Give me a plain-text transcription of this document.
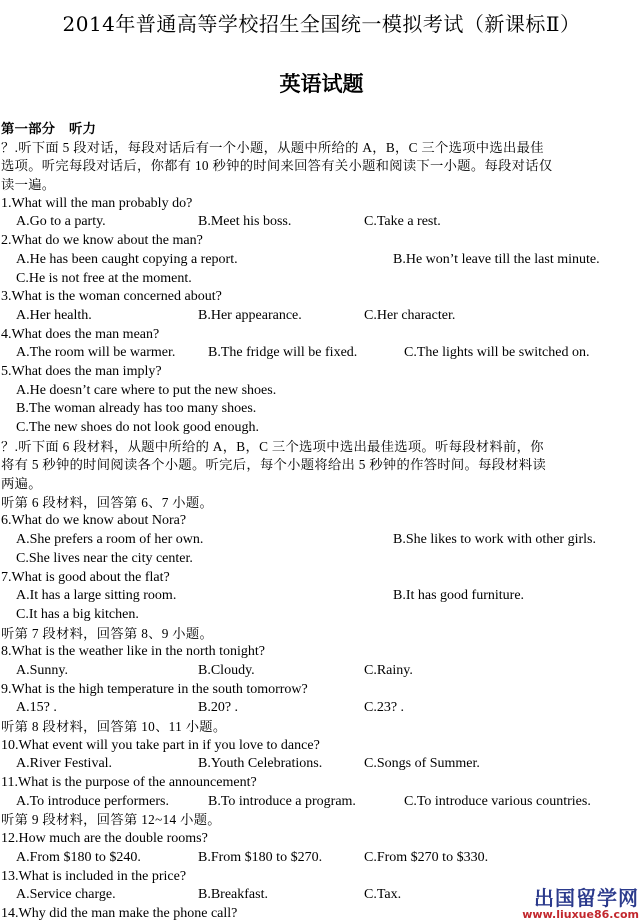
2014年普通高等学校招生全国统一模拟考试（新课标Ⅱ）
英语试题
第一部分　听力
？.听下面 5 段对话，每段对话后有一个小题，从题中所给的 A，B，C 三个选项中选出最佳
选项。听完每段对话后，你都有 10 秒钟的时间来回答有关小题和阅读下一小题。每段对话仅
读一遍。
1.What will the man probably do?
A.Go to a party.	B.Meet his boss.	C.Take a rest.
2.What do we know about the man?
A.He has been caught copying a report.	B.He won’t leave till the last minute.
C.He is not free at the moment.
3.What is the woman concerned about?
A.Her health.	B.Her appearance.	C.Her character.
4.What does the man mean?
A.The room will be warmer.	B.The fridge will be fixed.	C.The lights will be switched on.
5.What does the man imply?
A.He doesn’t care where to put the new shoes.
B.The woman already has too many shoes.
C.The new shoes do not look good enough.
？.听下面 6 段材料，从题中所给的 A，B，C 三个选项中选出最佳选项。听每段材料前，你
将有 5 秒钟的时间阅读各个小题。听完后，每个小题将给出 5 秒钟的作答时间。每段材料读
两遍。
听第 6 段材料，回答第 6、7 小题。
6.What do we know about Nora?
A.She prefers a room of her own.	B.She likes to work with other girls.
C.She lives near the city center.
7.What is good about the flat?
A.It has a large sitting room.	B.It has good furniture.
C.It has a big kitchen.
听第 7 段材料，回答第 8、9 小题。
8.What is the weather like in the north tonight?
A.Sunny.	B.Cloudy.	C.Rainy.
9.What is the high temperature in the south tomorrow?
A.15? .	B.20? .	C.23? .
听第 8 段材料，回答第 10、11 小题。
10.What event will you take part in if you love to dance?
A.River Festival.	B.Youth Celebrations.	C.Songs of Summer.
11.What is the purpose of the announcement?
A.To introduce performers.	B.To introduce a program.	C.To introduce various countries.
听第 9 段材料，回答第 12~14 小题。
12.How much are the double rooms?
A.From $180 to $240.	B.From $180 to $270.	C.From $270 to $330.
13.What is included in the price?
A.Service charge.	B.Breakfast.	C.Tax.
14.Why did the man make the phone call?
出国留学网
www.liuxue86.com
